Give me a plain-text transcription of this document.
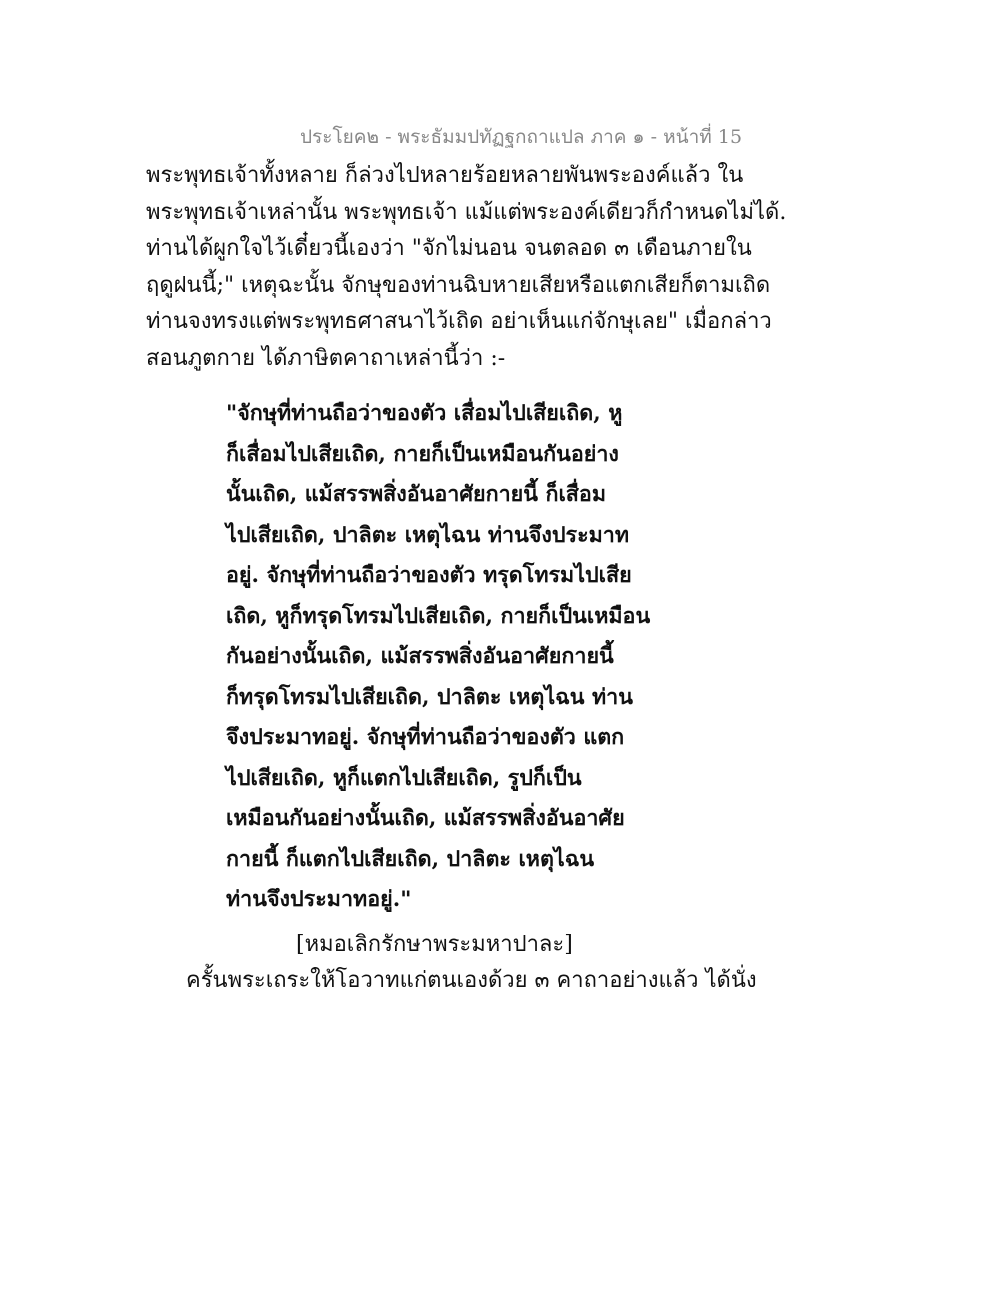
ประโยค๒ - พระธัมมปทัฏฐกถาแปล ภาค ๑ - หน้าที่ 15
พระพุทธเจ้าทั้งหลาย ก็ล่วงไปหลายร้อยหลายพันพระองค์แล้ว ใน
พระพุทธเจ้าเหล่านั้น พระพุทธเจ้า แม้แต่พระองค์เดียวก็กำหนดไม่ได้.
ท่านได้ผูกใจไว้เดี๋ยวนี้เองว่า "จักไม่นอน จนตลอด ๓ เดือนภายใน
ฤดูฝนนี้;" เหตุฉะนั้น จักษุของท่านฉิบหายเสียหรือแตกเสียก็ตามเถิด
ท่านจงทรงแต่พระพุทธศาสนาไว้เถิด อย่าเห็นแก่จักษุเลย" เมื่อกล่าว
สอนภูตกาย ได้ภาษิตคาถาเหล่านี้ว่า :-
"จักษุที่ท่านถือว่าของตัว เสื่อมไปเสียเถิด, หู
ก็เสื่อมไปเสียเถิด, กายก็เป็นเหมือนกันอย่าง
นั้นเถิด, แม้สรรพสิ่งอันอาศัยกายนี้ ก็เสื่อม
ไปเสียเถิด, ปาลิตะ เหตุไฉน ท่านจึงประมาท
อยู่. จักษุที่ท่านถือว่าของตัว ทรุดโทรมไปเสีย
เถิด, หูก็ทรุดโทรมไปเสียเถิด, กายก็เป็นเหมือน
กันอย่างนั้นเถิด, แม้สรรพสิ่งอันอาศัยกายนี้
ก็ทรุดโทรมไปเสียเถิด, ปาลิตะ เหตุไฉน ท่าน
จึงประมาทอยู่. จักษุที่ท่านถือว่าของตัว แตก
ไปเสียเถิด, หูก็แตกไปเสียเถิด, รูปก็เป็น
เหมือนกันอย่างนั้นเถิด, แม้สรรพสิ่งอันอาศัย
กายนี้ ก็แตกไปเสียเถิด, ปาลิตะ เหตุไฉน
ท่านจึงประมาทอยู่."
[หมอเลิกรักษาพระมหาปาละ]
ครั้นพระเถระให้โอวาทแก่ตนเองด้วย ๓ คาถาอย่างแล้ว ได้นั่ง
